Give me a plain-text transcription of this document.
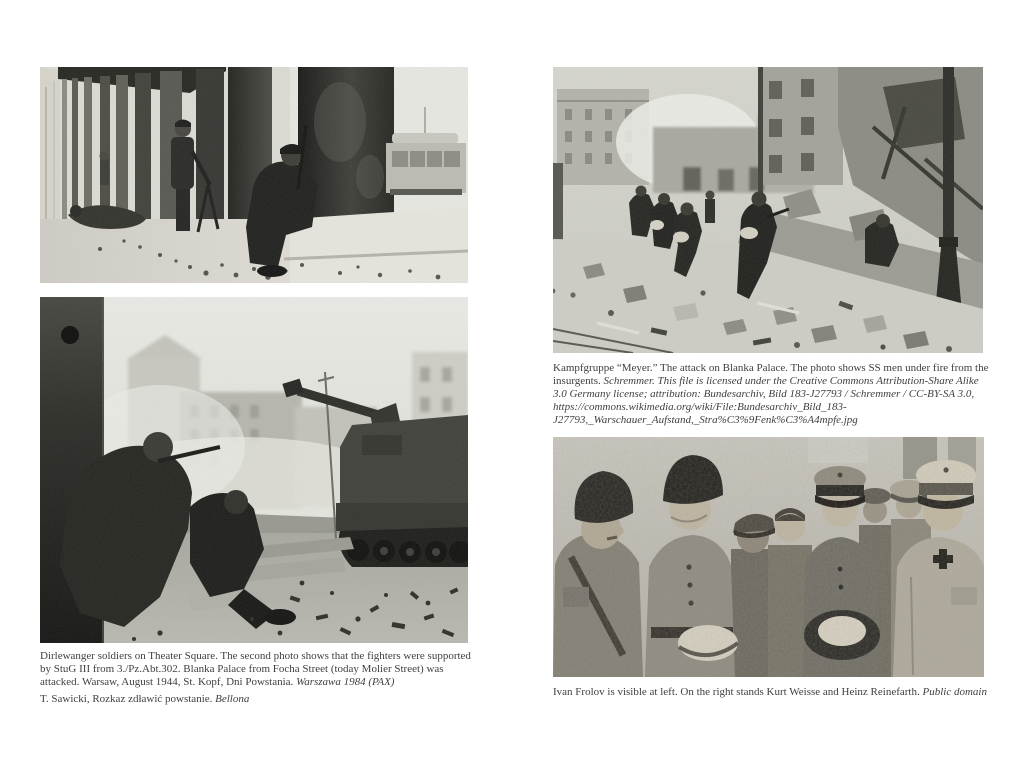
Dirlewanger soldiers on Theater Square. The second photo shows that the fighters were supported by StuG III from 3./Pz.Abt.302. Blanka Palace from Focha Street (today Molier Street) was attacked. Warsaw, August 1944, St. Kopf, Dni Powstania. Warszawa 1984 (PAX)

T. Sawicki, Rozkaz zdławić powstanie. Bellona

Kampfgruppe “Meyer.” The attack on Blanka Palace. The photo shows SS men under fire from the insurgents. Schremmer. This file is licensed under the Creative Commons Attribution-Share Alike 3.0 Germany license; attribution: Bundesarchiv, Bild 183-J27793 / Schremmer / CC-BY-SA 3.0, https://commons.wikimedia.org/wiki/File:Bundesarchiv_Bild_183-J27793,_Warschauer_Aufstand,_Stra%C3%9Fenk%C3%A4mpfe.jpg

Ivan Frolov is visible at left. On the right stands Kurt Weisse and Heinz Reinefarth. Public domain
